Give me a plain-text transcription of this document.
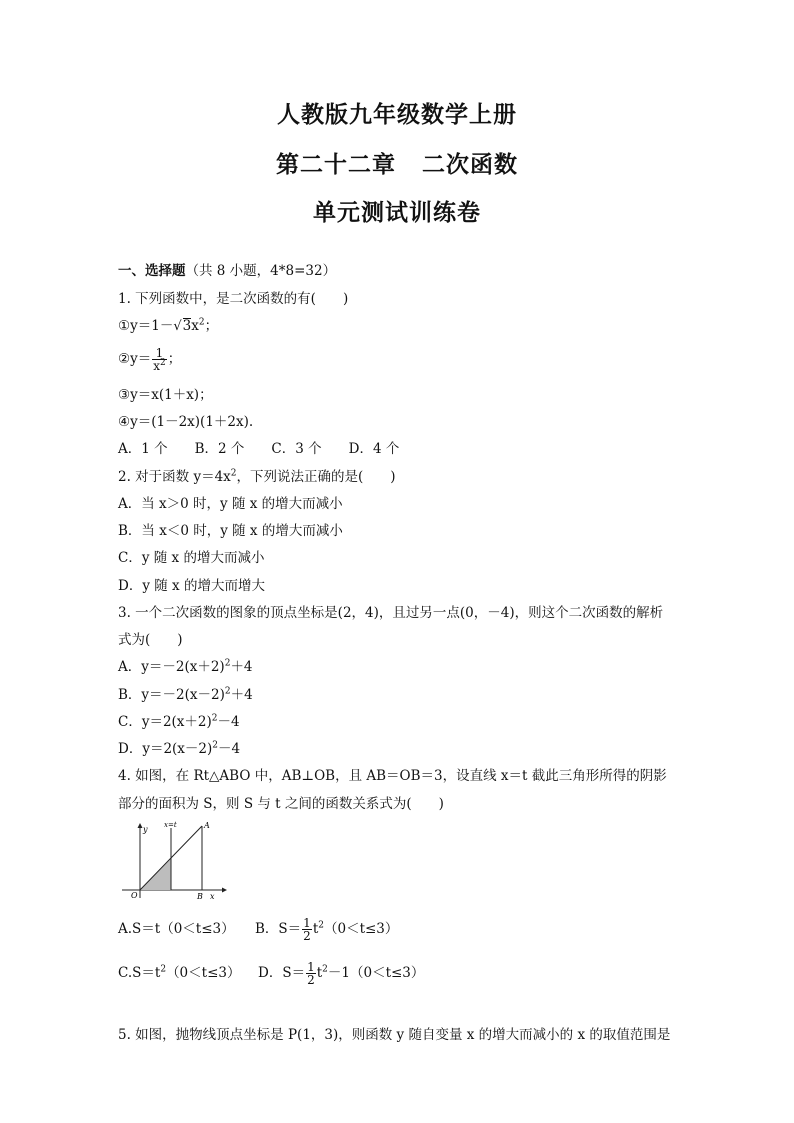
人教版九年级数学上册
第二十二章 二次函数
单元测试训练卷
一、选择题（共 8 小题，4*8=32）
1. 下列函数中，是二次函数的有(　　)
$①y=1-√3x^2$；
②y＝ $\frac{1}{x^2}$ ；
③y＝x(1＋x)；
④y＝(1－2x)(1＋2x).
A．1 个　　B．2 个　　C．3 个　　D．4 个
2. 对于函数 $y=4x^2$，下列说法正确的是(　　)
A．当 x＞0 时，y 随 x 的增大而减小
B．当 x＜0 时，y 随 x 的增大而减小
C．y 随 x 的增大而减小
D．y 随 x 的增大而增大
3. 一个二次函数的图象的顶点坐标是(2，4)，且过另一点(0，－4)，则这个二次函数的解析
式为(　　)
A．$y=-2(x+2)^2+4$
B．$y=-2(x-2)^2+4$
C．$y=2(x+2)^2-4$
D．$y=2(x-2)^2-4$
4. 如图，在 Rt△ABO 中，AB⊥OB，且 AB＝OB＝3，设直线 x＝t 截此三角形所得的阴影
部分的面积为 S，则 S 与 t 之间的函数关系式为(　　)
y x=t	A
O	B x
A.S＝t（0＜t≤3） B．$S= \frac{1}{2} t^2(0<t\le 3)$
$C.S=t^2(0<t\le 3)$ D．$S= \frac{1}{2} t^2-1(0<t\le 3)$
5. 如图，抛物线顶点坐标是 P(1，3)，则函数 y 随自变量 x 的增大而减小的 x 的取值范围是
